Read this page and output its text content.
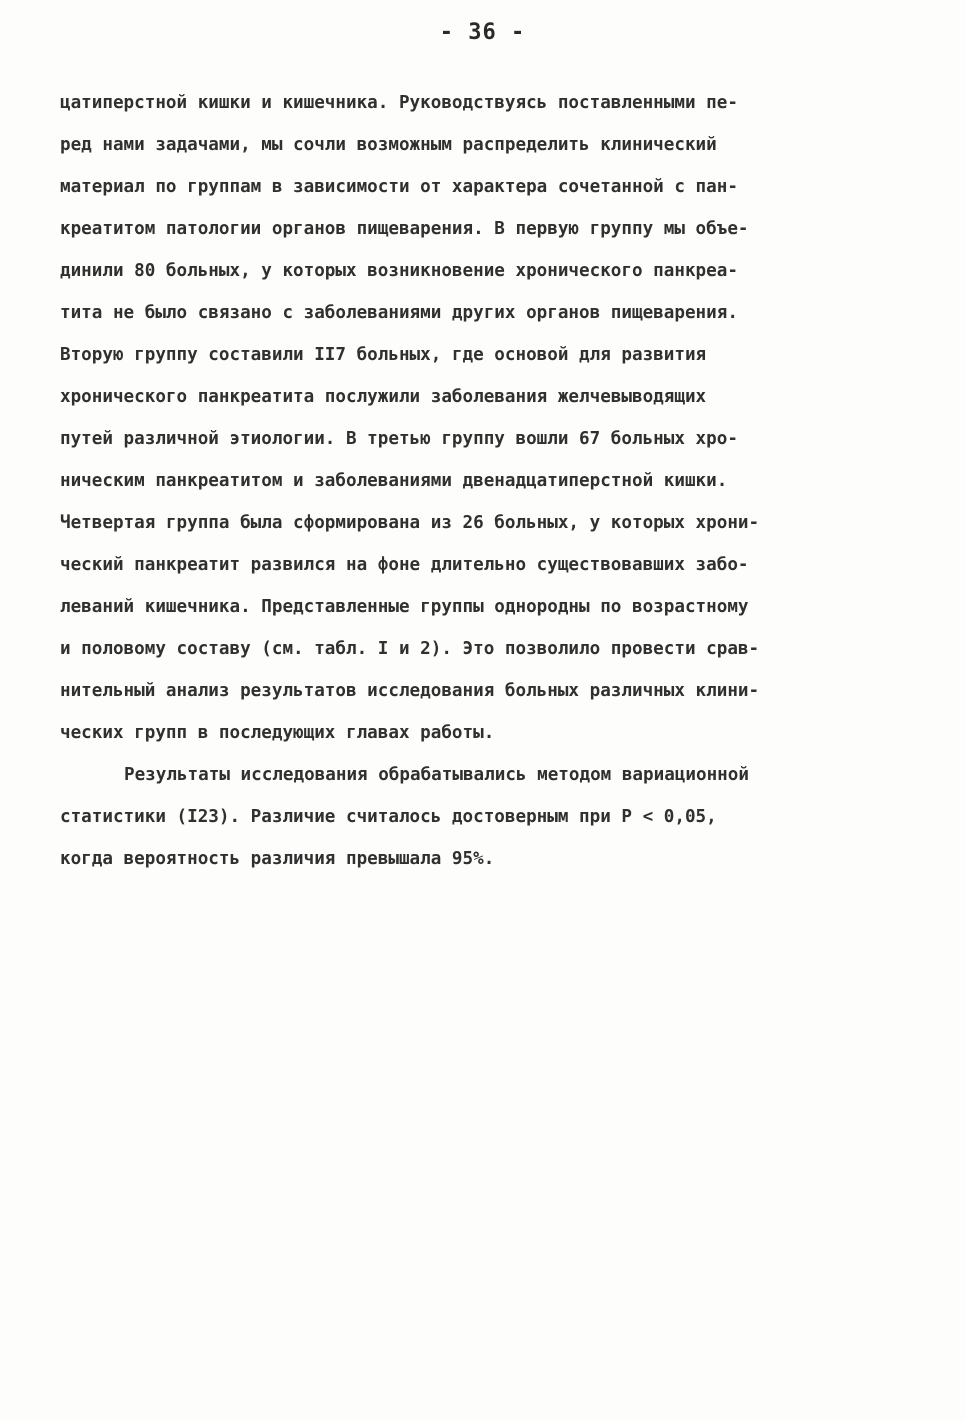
- 36 -
цатиперстной кишки и кишечника. Руководствуясь поставленными пе-
ред нами задачами, мы сочли возможным распределить клинический
материал по группам в зависимости от характера сочетанной с пан-
креатитом патологии органов пищеварения. В первую группу мы объе-
динили 80 больных, у которых возникновение хронического панкреа-
тита не было связано с заболеваниями других органов пищеварения.
Вторую группу составили II7 больных, где основой для развития
хронического панкреатита послужили заболевания желчевыводящих
путей различной этиологии. В третью группу вошли 67 больных хро-
ническим панкреатитом и заболеваниями двенадцатиперстной кишки.
Четвертая группа была сформирована из 26 больных, у которых хрони-
ческий панкреатит развился на фоне длительно существовавших забо-
леваний кишечника. Представленные группы однородны по возрастному
и половому составу (см. табл. I и 2). Это позволило провести срав-
нительный анализ результатов исследования больных различных клини-
ческих групп в последующих главах работы.
Результаты исследования обрабатывались методом вариационной
статистики (I23). Различие считалось достоверным при P < 0,05,
когда вероятность различия превышала 95%.
